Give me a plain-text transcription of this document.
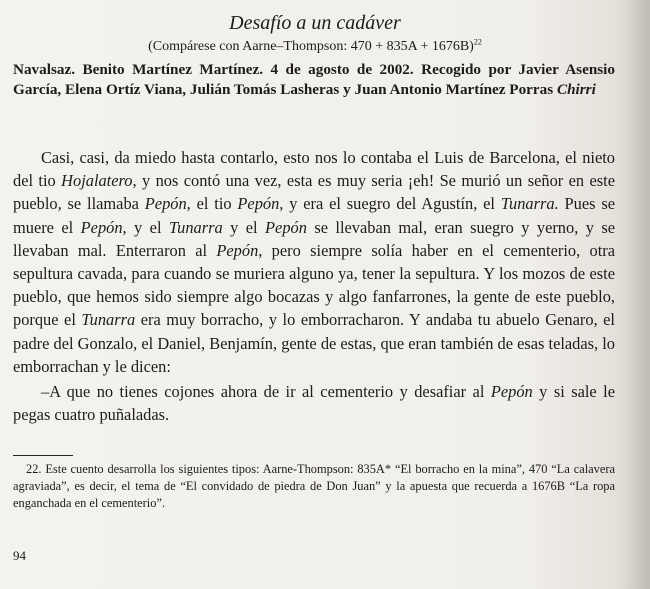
Desafío a un cadáver
(Compárese con Aarne–Thompson: 470 + 835A + 1676B)$^{22}$
Navalsaz. Benito Martínez Martínez. 4 de agosto de 2002. Recogido por Javier Asensio García, Elena Ortíz Viana, Julián Tomás Lasheras y Juan Antonio Martínez Porras Chirri

Casi, casi, da miedo hasta contarlo, esto nos lo contaba el Luis de Barcelona, el nieto del tio Hojalatero, y nos contó una vez, esta es muy seria ¡eh! Se murió un señor en este pueblo, se llamaba Pepón, el tio Pepón, y era el suegro del Agustín, el Tunarra. Pues se muere el Pepón, y el Tunarra y el Pepón se llevaban mal, eran suegro y yerno, y se llevaban mal. Enterraron al Pepón, pero siempre solía haber en el cementerio, otra sepultura cavada, para cuando se muriera alguno ya, tener la sepultura. Y los mozos de este pueblo, que hemos sido siempre algo bocazas y algo fanfarrones, la gente de este pueblo, porque el Tunarra era muy borracho, y lo emborracharon. Y andaba tu abuelo Genaro, el padre del Gonzalo, el Daniel, Benjamín, gente de estas, que eran también de esas teladas, lo emborrachan y le dicen:

–A que no tienes cojones ahora de ir al cementerio y desafiar al Pepón y si sale le pegas cuatro puñaladas.

22. Este cuento desarrolla los siguientes tipos: Aarne-Thompson: 835A* “El borracho en la mina”, 470 “La calavera agraviada”, es decir, el tema de “El convidado de piedra de Don Juan” y la apuesta que recuerda a 1676B “La ropa enganchada en el cementerio”.

94
